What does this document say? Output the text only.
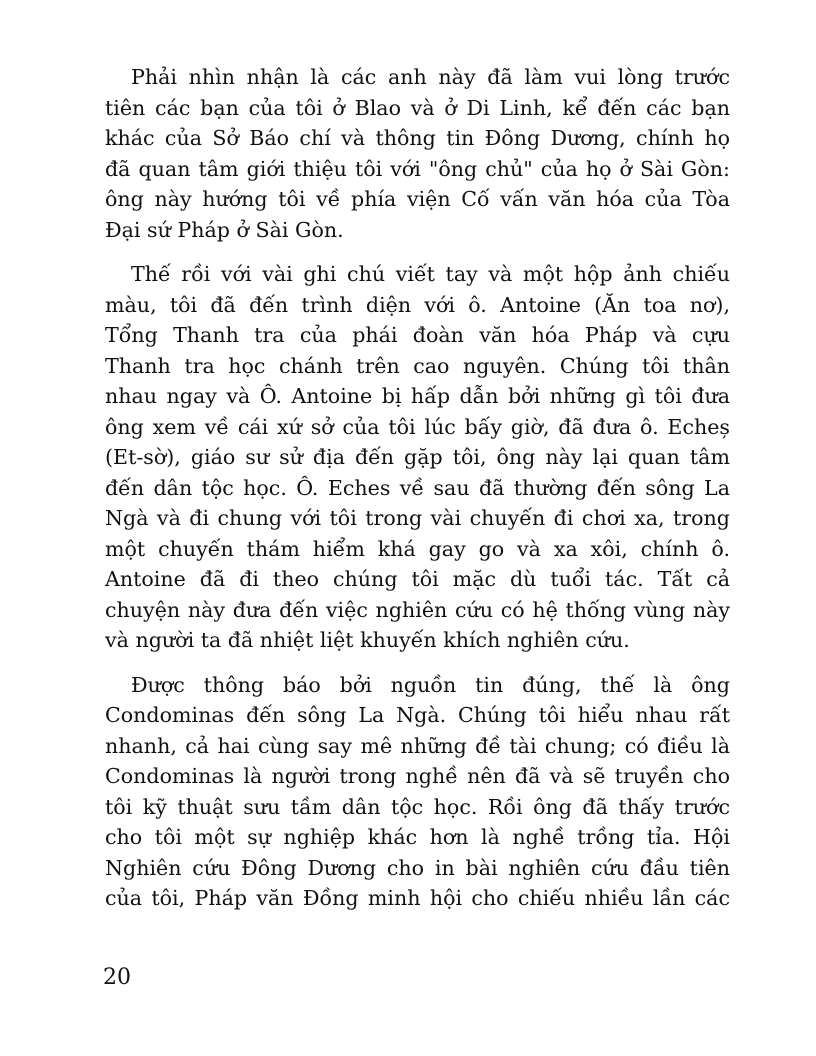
Phải nhìn nhận là các anh này đã làm vui lòng trước
tiên các bạn của tôi ở Blao và ở Di Linh, kể đến các bạn
khác của Sở Báo chí và thông tin Đông Dương, chính họ
đã quan tâm giới thiệu tôi với "ông chủ" của họ ở Sài Gòn:
ông này hướng tôi về phía viện Cố vấn văn hóa của Tòa
Đại sứ Pháp ở Sài Gòn.

Thế rồi với vài ghi chú viết tay và một hộp ảnh chiếu
màu, tôi đã đến trình diện với ô. Antoine (Ăn toa nơ),
Tổng Thanh tra của phái đoàn văn hóa Pháp và cựu
Thanh tra học chánh trên cao nguyên. Chúng tôi thân
nhau ngay và Ô. Antoine bị hấp dẫn bởi những gì tôi đưa
ông xem về cái xứ sở của tôi lúc bấy giờ, đã đưa ô. Echeș
(Et-sờ), giáo sư sử địa đến gặp tôi, ông này lại quan tâm
đến dân tộc học. Ô. Eches về sau đã thường đến sông La
Ngà và đi chung với tôi trong vài chuyến đi chơi xa, trong
một chuyến thám hiểm khá gay go và xa xôi, chính ô.
Antoine đã đi theo chúng tôi mặc dù tuổi tác. Tất cả
chuyện này đưa đến việc nghiên cứu có hệ thống vùng này
và người ta đã nhiệt liệt khuyến khích nghiên cứu.

Được thông báo bởi nguồn tin đúng, thế là ông
Condominas đến sông La Ngà. Chúng tôi hiểu nhau rất
nhanh, cả hai cùng say mê những đề tài chung; có điều là
Condominas là người trong nghề nên đã và sẽ truyền cho
tôi kỹ thuật sưu tầm dân tộc học. Rồi ông đã thấy trước
cho tôi một sự nghiệp khác hơn là nghề trồng tỉa. Hội
Nghiên cứu Đông Dương cho in bài nghiên cứu đầu tiên
của tôi, Pháp văn Đồng minh hội cho chiếu nhiều lần các

20
